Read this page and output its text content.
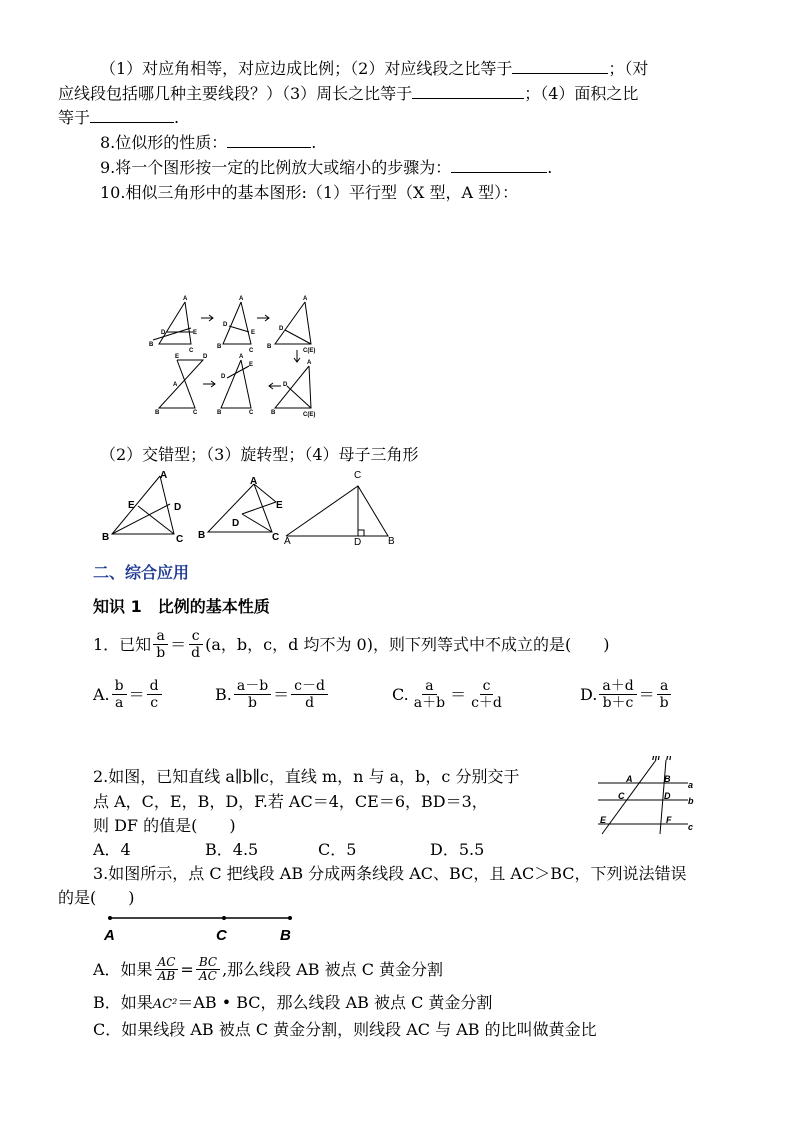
（1）对应角相等，对应边成比例；（2）对应线段之比等于	；（对
应线段包括哪几种主要线段？）（3）周长之比等于	；（4）面积之比
等于	.
8.位似形的性质：	.
9.将一个图形按一定的比例放大或缩小的步骤为：	.
10.相似三角形中的基本图形:（1）平行型（X 型，A 型）：
A
D	E
B
C
A
D
E
B
C
A
D
B
C(E)
E	D
B	C
A
A
E
D
B	C
A
D
B	C(E)
（2）交错型；（3）旋转型；（4）母子三角形
A
E	D
B	C
A
E
D
B	C
C
A	D	B
二、综合应用
知识 1　比例的基本性质
1．已知 $\frac{a}{b} = \frac{c}{d} (a$，b，c，d 均不为 0)，则下列等式中不成立的是(　　)
A. $\frac{b}{a} = \frac{d}{c}$	B. $\frac{a-b}{b} = \frac{c-d}{d}$	C. $\frac{a}{a+b} = \frac{c}{c+d}$	D. $\frac{a+d}{b+c} = \frac{a}{b}$
2.如图，已知直线 a∥b∥c，直线 m，n 与 a，b，c 分别交于
点 A，C，E，B，D，F.若 AC＝4，CE＝6，BD＝3，
则 DF 的值是(　　)
A．4	B．4.5	C．5	D．5.5
m n
A	B
a
C	D b
E	F
c
3.如图所示，点 C 把线段 AB 分成两条线段 AC、BC，且 AC＞BC，下列说法错误
的是(　　)
A	C	B
A．如果 $\frac{AC}{AB} = \frac{BC}{AC}$ ,那么线段 AB 被点 C 黄金分割
B．如果AC²＝AB • BC，那么线段 AB 被点 C 黄金分割
C．如果线段 AB 被点 C 黄金分割，则线段 AC 与 AB 的比叫做黄金比
